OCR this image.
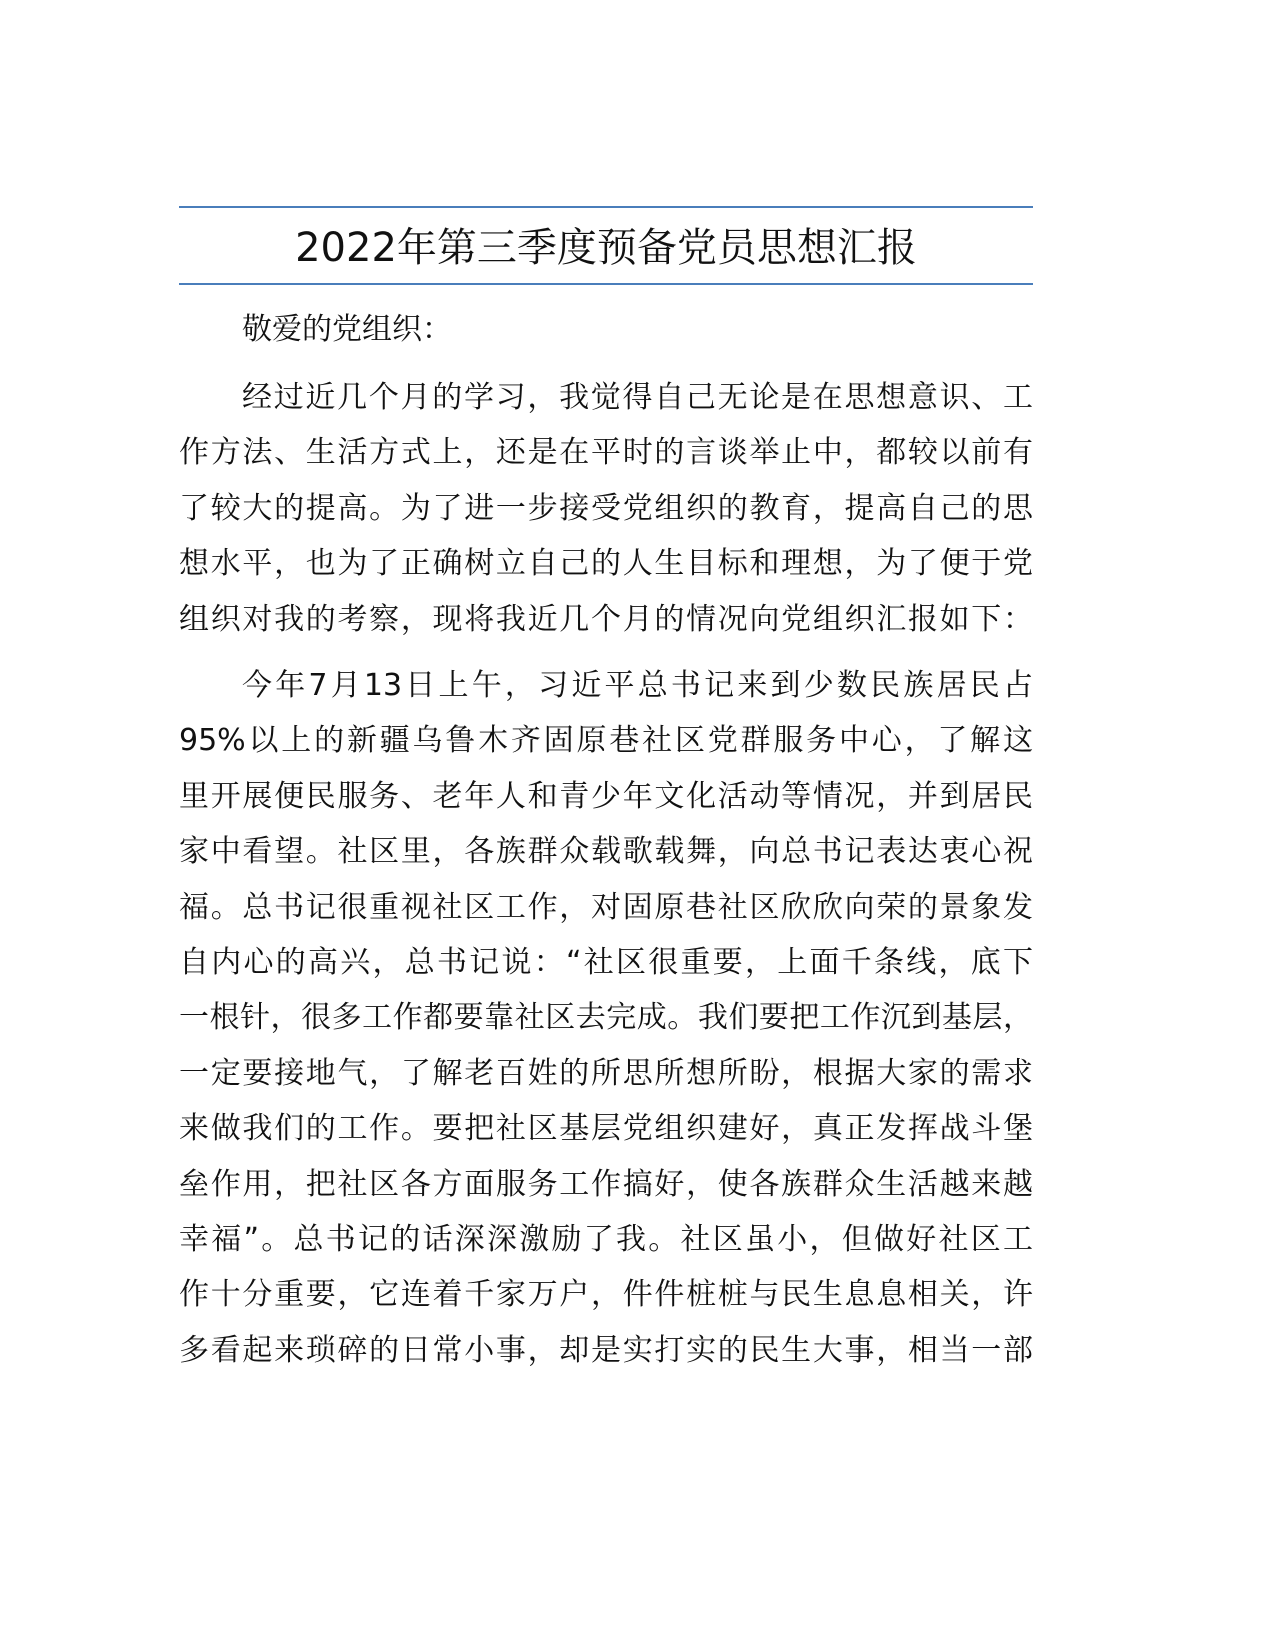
2022年第三季度预备党员思想汇报
敬爱的党组织：
经过近几个月的学习，我觉得自己无论是在思想意识、工
作方法、生活方式上，还是在平时的言谈举止中，都较以前有
了较大的提高。为了进一步接受党组织的教育，提高自己的思
想水平，也为了正确树立自己的人生目标和理想，为了便于党
组织对我的考察，现将我近几个月的情况向党组织汇报如下：
今年7月13日上午，习近平总书记来到少数民族居民占
95%以上的新疆乌鲁木齐固原巷社区党群服务中心，了解这
里开展便民服务、老年人和青少年文化活动等情况，并到居民
家中看望。社区里，各族群众载歌载舞，向总书记表达衷心祝
福。总书记很重视社区工作，对固原巷社区欣欣向荣的景象发
自内心的高兴，总书记说：“社区很重要，上面千条线，底下
一根针，很多工作都要靠社区去完成。我们要把工作沉到基层，
一定要接地气，了解老百姓的所思所想所盼，根据大家的需求
来做我们的工作。要把社区基层党组织建好，真正发挥战斗堡
垒作用，把社区各方面服务工作搞好，使各族群众生活越来越
幸福”。总书记的话深深激励了我。社区虽小，但做好社区工
作十分重要，它连着千家万户，件件桩桩与民生息息相关，许
多看起来琐碎的日常小事，却是实打实的民生大事，相当一部
